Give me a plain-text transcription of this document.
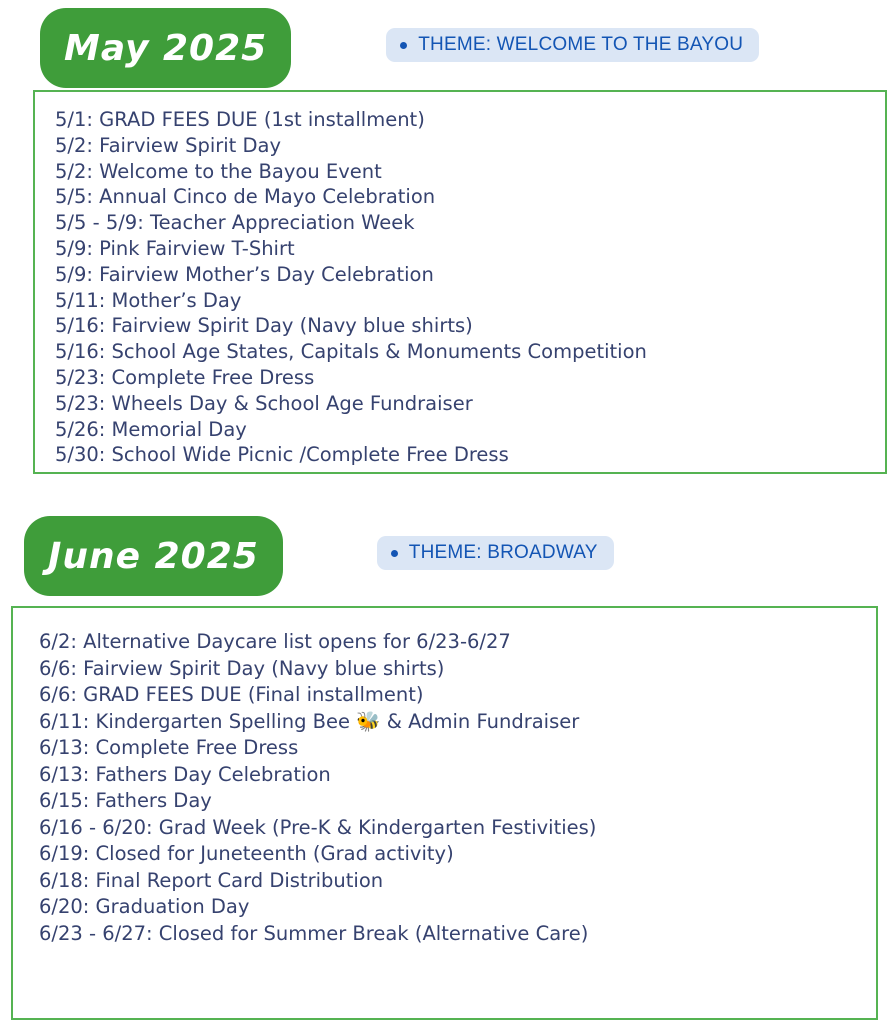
May 2025	THEME: WELCOME TO THE BAYOU
5/1: GRAD FEES DUE (1st installment)
5/2: Fairview Spirit Day
5/2: Welcome to the Bayou Event
5/5: Annual Cinco de Mayo Celebration
5/5 - 5/9: Teacher Appreciation Week
5/9: Pink Fairview T-Shirt
5/9: Fairview Mother’s Day Celebration
5/11: Mother’s Day
5/16: Fairview Spirit Day (Navy blue shirts)
5/16: School Age States, Capitals & Monuments Competition
5/23: Complete Free Dress
5/23: Wheels Day & School Age Fundraiser
5/26: Memorial Day
5/30: School Wide Picnic /Complete Free Dress
June 2025	THEME: BROADWAY
6/2: Alternative Daycare list opens for 6/23-6/27
6/6: Fairview Spirit Day (Navy blue shirts)
6/6: GRAD FEES DUE (Final installment)
6/11: Kindergarten Spelling Bee 🐝 & Admin Fundraiser
6/13: Complete Free Dress
6/13: Fathers Day Celebration
6/15: Fathers Day
6/16 - 6/20: Grad Week (Pre-K & Kindergarten Festivities)
6/19: Closed for Juneteenth (Grad activity)
6/18: Final Report Card Distribution
6/20: Graduation Day
6/23 - 6/27: Closed for Summer Break (Alternative Care)
